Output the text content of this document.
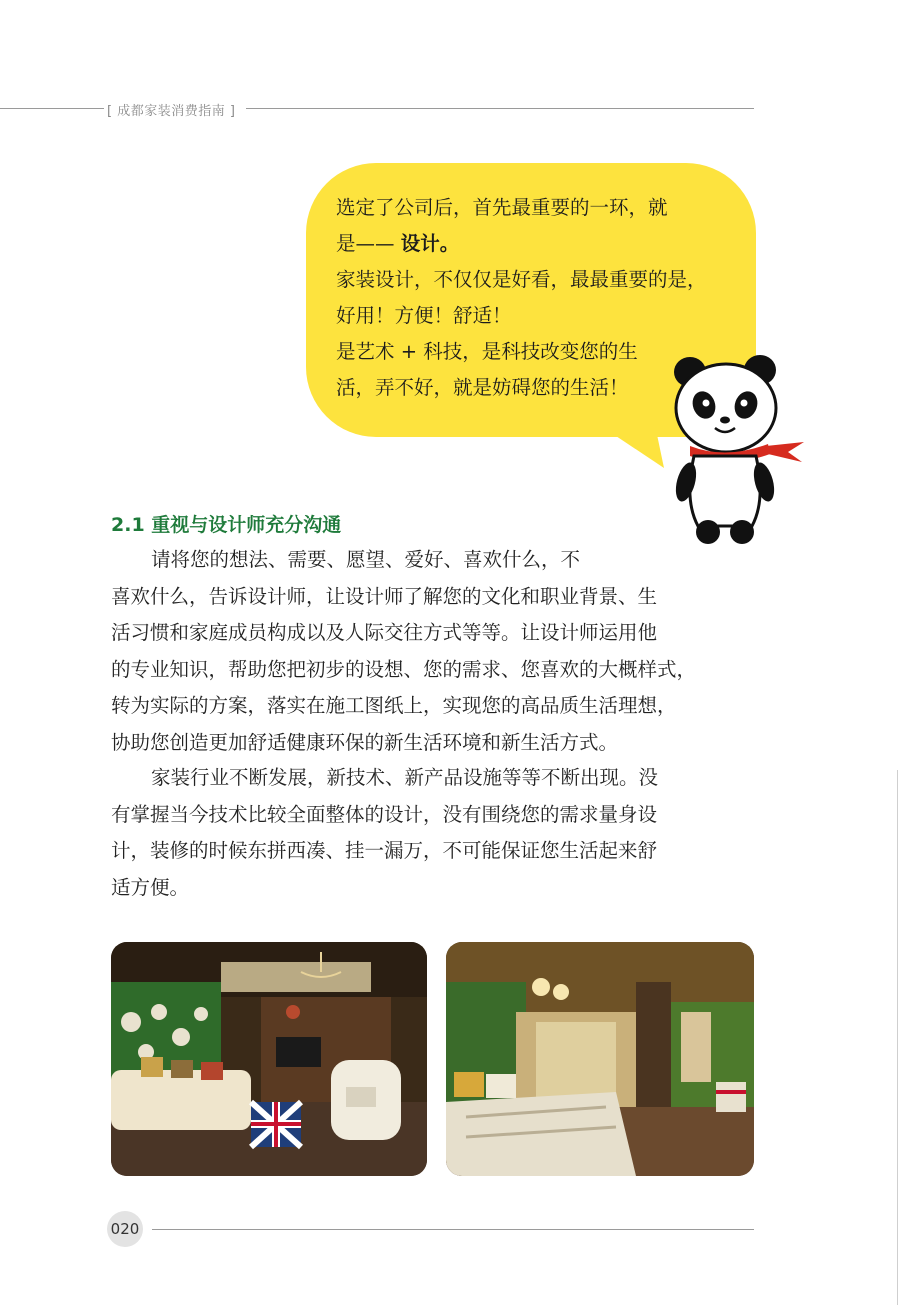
[ 成都家装消费指南 ]
选定了公司后，首先最重要的一环，就
是—— 设计。
家装设计，不仅仅是好看，最最重要的是，
好用！方便！舒适！
是艺术 + 科技，是科技改变您的生
活，弄不好，就是妨碍您的生活！
2.1 重视与设计师充分沟通
请将您的想法、需要、愿望、爱好、喜欢什么，不
喜欢什么，告诉设计师，让设计师了解您的文化和职业背景、生
活习惯和家庭成员构成以及人际交往方式等等。让设计师运用他
的专业知识，帮助您把初步的设想、您的需求、您喜欢的大概样式，
转为实际的方案，落实在施工图纸上，实现您的高品质生活理想，
协助您创造更加舒适健康环保的新生活环境和新生活方式。
家装行业不断发展，新技术、新产品设施等等不断出现。没
有掌握当今技术比较全面整体的设计，没有围绕您的需求量身设
计，装修的时候东拼西凑、挂一漏万，不可能保证您生活起来舒
适方便。
020
